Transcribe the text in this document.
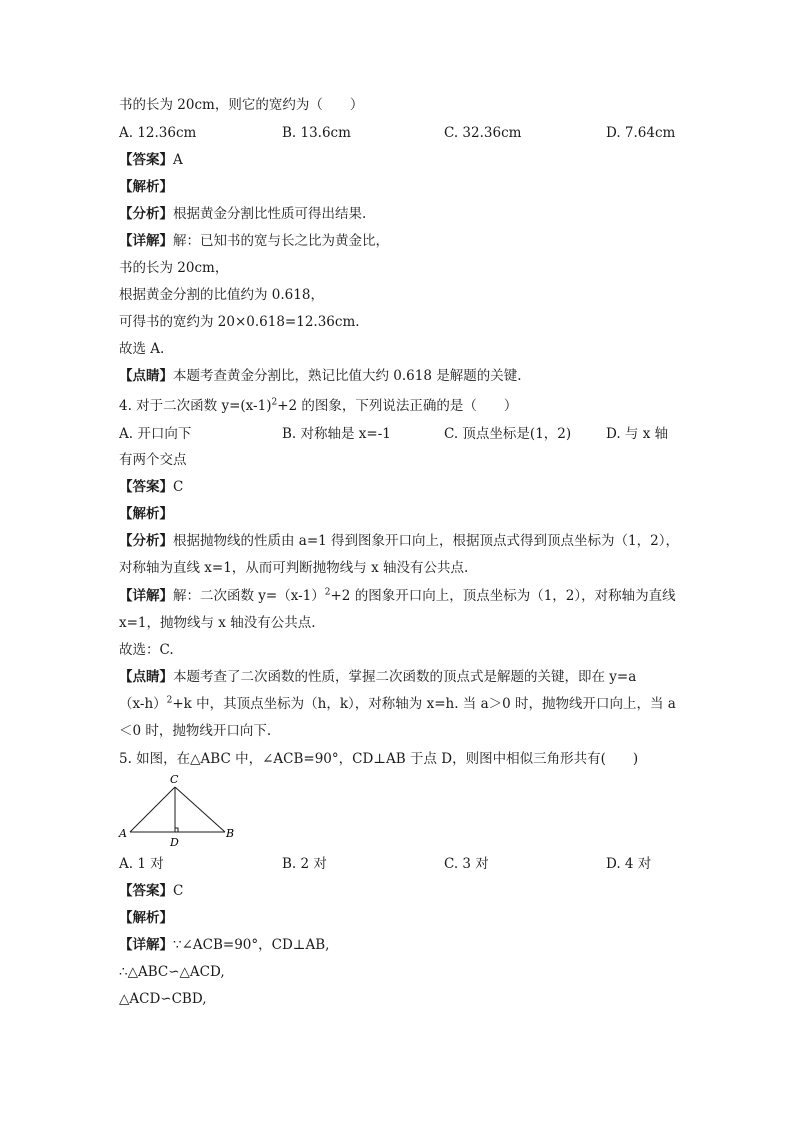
书的长为 20cm，则它的宽约为（　　）
A. 12.36cm	B. 13.6cm	C. 32.36cm	D. 7.64cm
【答案】A
【解析】
【分析】根据黄金分割比性质可得出结果.
【详解】解：已知书的宽与长之比为黄金比，
书的长为 20cm，
根据黄金分割的比值约为 0.618，
可得书的宽约为 20×0.618=12.36cm.
故选 A.
【点睛】本题考查黄金分割比，熟记比值大约 0.618 是解题的关键.
4. 对于二次函数 $y=(x-1)^2+2$ 的图象，下列说法正确的是（　　）
A. 开口向下	B. 对称轴是 x=-1	C. 顶点坐标是(1，2)	D. 与 x 轴
有两个交点
【答案】C
【解析】
【分析】根据抛物线的性质由 a=1 得到图象开口向上，根据顶点式得到顶点坐标为（1，2），
对称轴为直线 x=1，从而可判断抛物线与 x 轴没有公共点.
【详解】解：二次函数 $y=(x-1)^2+2$ 的图象开口向上，顶点坐标为（1，2），对称轴为直线
x=1，抛物线与 x 轴没有公共点.
故选：C.
【点睛】本题考查了二次函数的性质，掌握二次函数的顶点式是解题的关键，即在 y=a
$(x-h)^2+k$ 中，其顶点坐标为（h，k），对称轴为 x=h. 当 a＞0 时，抛物线开口向上，当 a
＜0 时，抛物线开口向下.
5. 如图，在△ABC 中，∠ACB=90°，CD⊥AB 于点 D，则图中相似三角形共有(　　)
A	B
C
D
A. 1 对	B. 2 对	C. 3 对	D. 4 对
【答案】C
【解析】
【详解】∵∠ACB=90°，CD⊥AB,
∴△ABC∽△ACD,
△ACD∽CBD,
